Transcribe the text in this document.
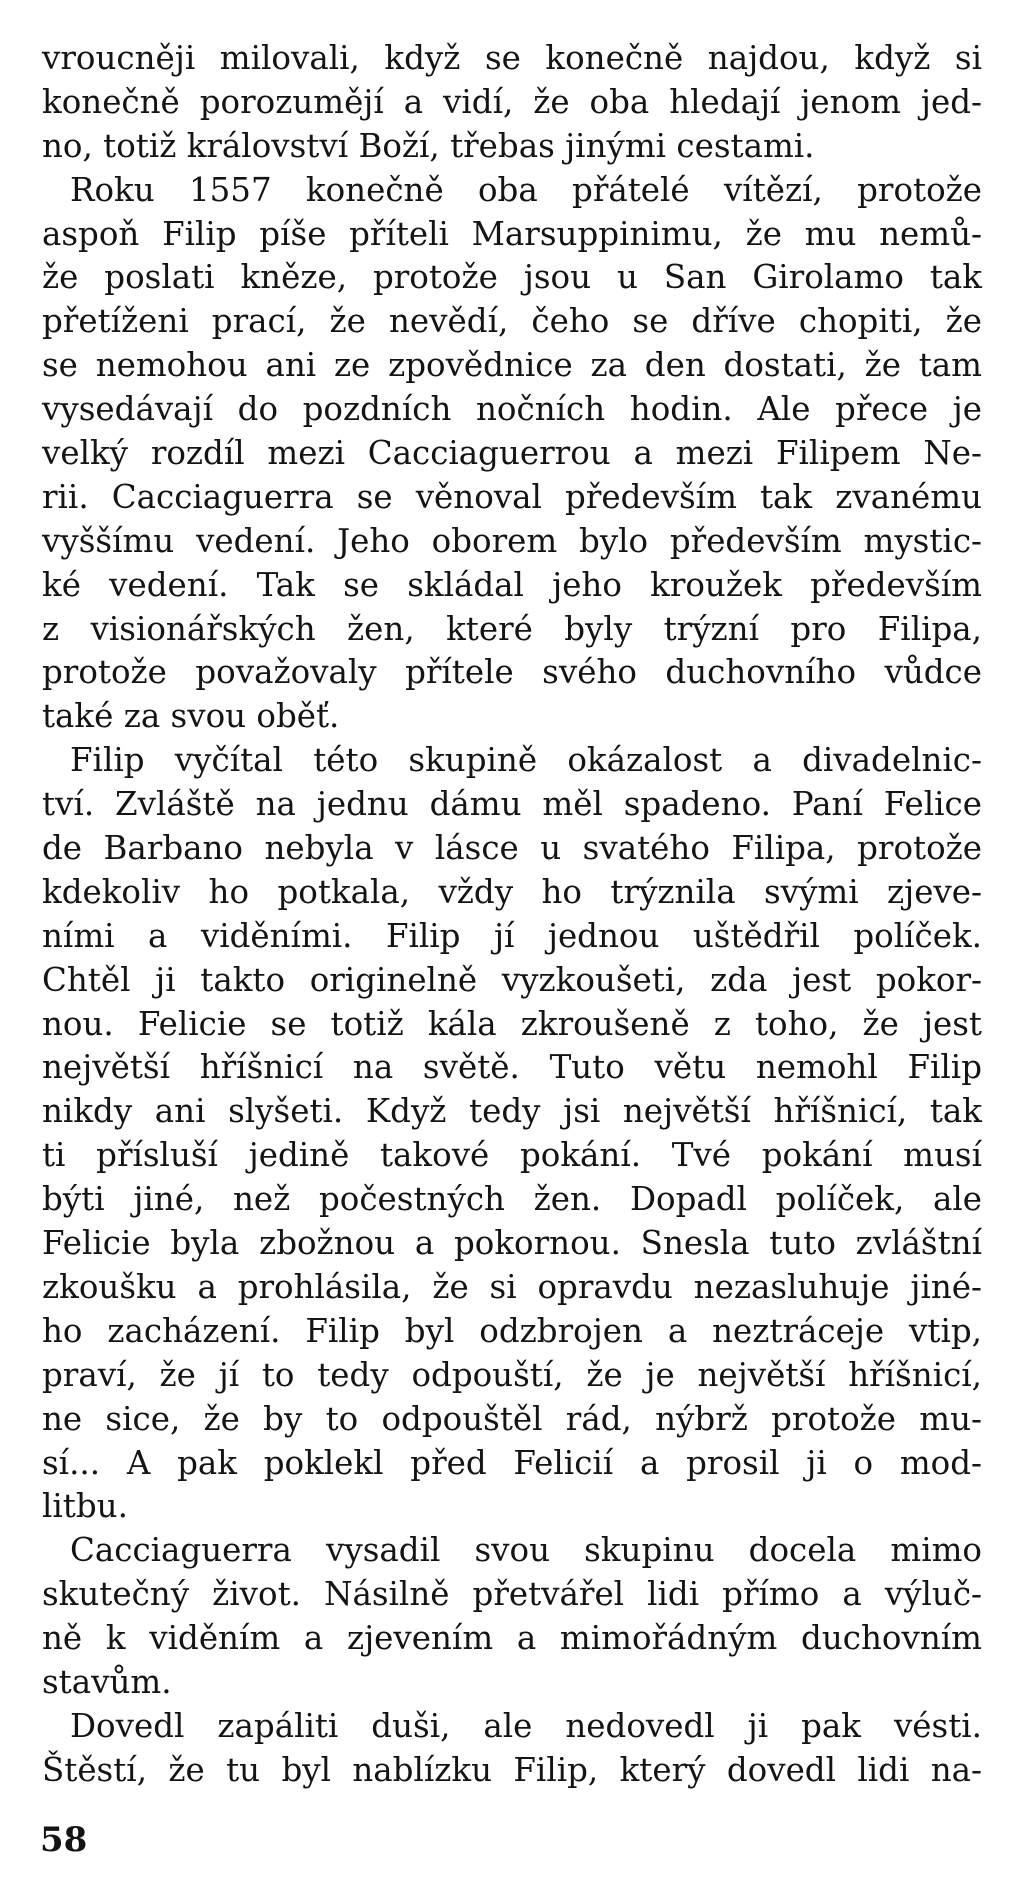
vroucněji milovali, když se konečně najdou, když si
konečně porozumějí a vidí, že oba hledají jenom jed-
no, totiž království Boží, třebas jinými cestami.
Roku 1557 konečně oba přátelé vítězí, protože
aspoň Filip píše příteli Marsuppinimu, že mu nemů-
že poslati kněze, protože jsou u San Girolamo tak
přetíženi prací, že nevědí, čeho se dříve chopiti, že
se nemohou ani ze zpovědnice za den dostati, že tam
vysedávají do pozdních nočních hodin. Ale přece je
velký rozdíl mezi Cacciaguerrou a mezi Filipem Ne-
rii. Cacciaguerra se věnoval především tak zvanému
vyššímu vedení. Jeho oborem bylo především mystic-
ké vedení. Tak se skládal jeho kroužek především
z visionářských žen, které byly trýzní pro Filipa,
protože považovaly přítele svého duchovního vůdce
také za svou oběť.
Filip vyčítal této skupině okázalost a divadelnic-
tví. Zvláště na jednu dámu měl spadeno. Paní Felice
de Barbano nebyla v lásce u svatého Filipa, protože
kdekoliv ho potkala, vždy ho trýznila svými zjeve-
ními a viděními. Filip jí jednou uštědřil políček.
Chtěl ji takto originelně vyzkoušeti, zda jest pokor-
nou. Felicie se totiž kála zkroušeně z toho, že jest
největší hříšnicí na světě. Tuto větu nemohl Filip
nikdy ani slyšeti. Když tedy jsi největší hříšnicí, tak
ti přísluší jedině takové pokání. Tvé pokání musí
býti jiné, než počestných žen. Dopadl políček, ale
Felicie byla zbožnou a pokornou. Snesla tuto zvláštní
zkoušku a prohlásila, že si opravdu nezasluhuje jiné-
ho zacházení. Filip byl odzbrojen a neztráceje vtip,
praví, že jí to tedy odpouští, že je největší hříšnicí,
ne sice, že by to odpouštěl rád, nýbrž protože mu-
sí... A pak poklekl před Felicií a prosil ji o mod-
litbu.
Cacciaguerra vysadil svou skupinu docela mimo
skutečný život. Násilně přetvářel lidi přímo a výluč-
ně k viděním a zjevením a mimořádným duchovním
stavům.
Dovedl zapáliti duši, ale nedovedl ji pak vésti.
Štěstí, že tu byl nablízku Filip, který dovedl lidi na-
58
